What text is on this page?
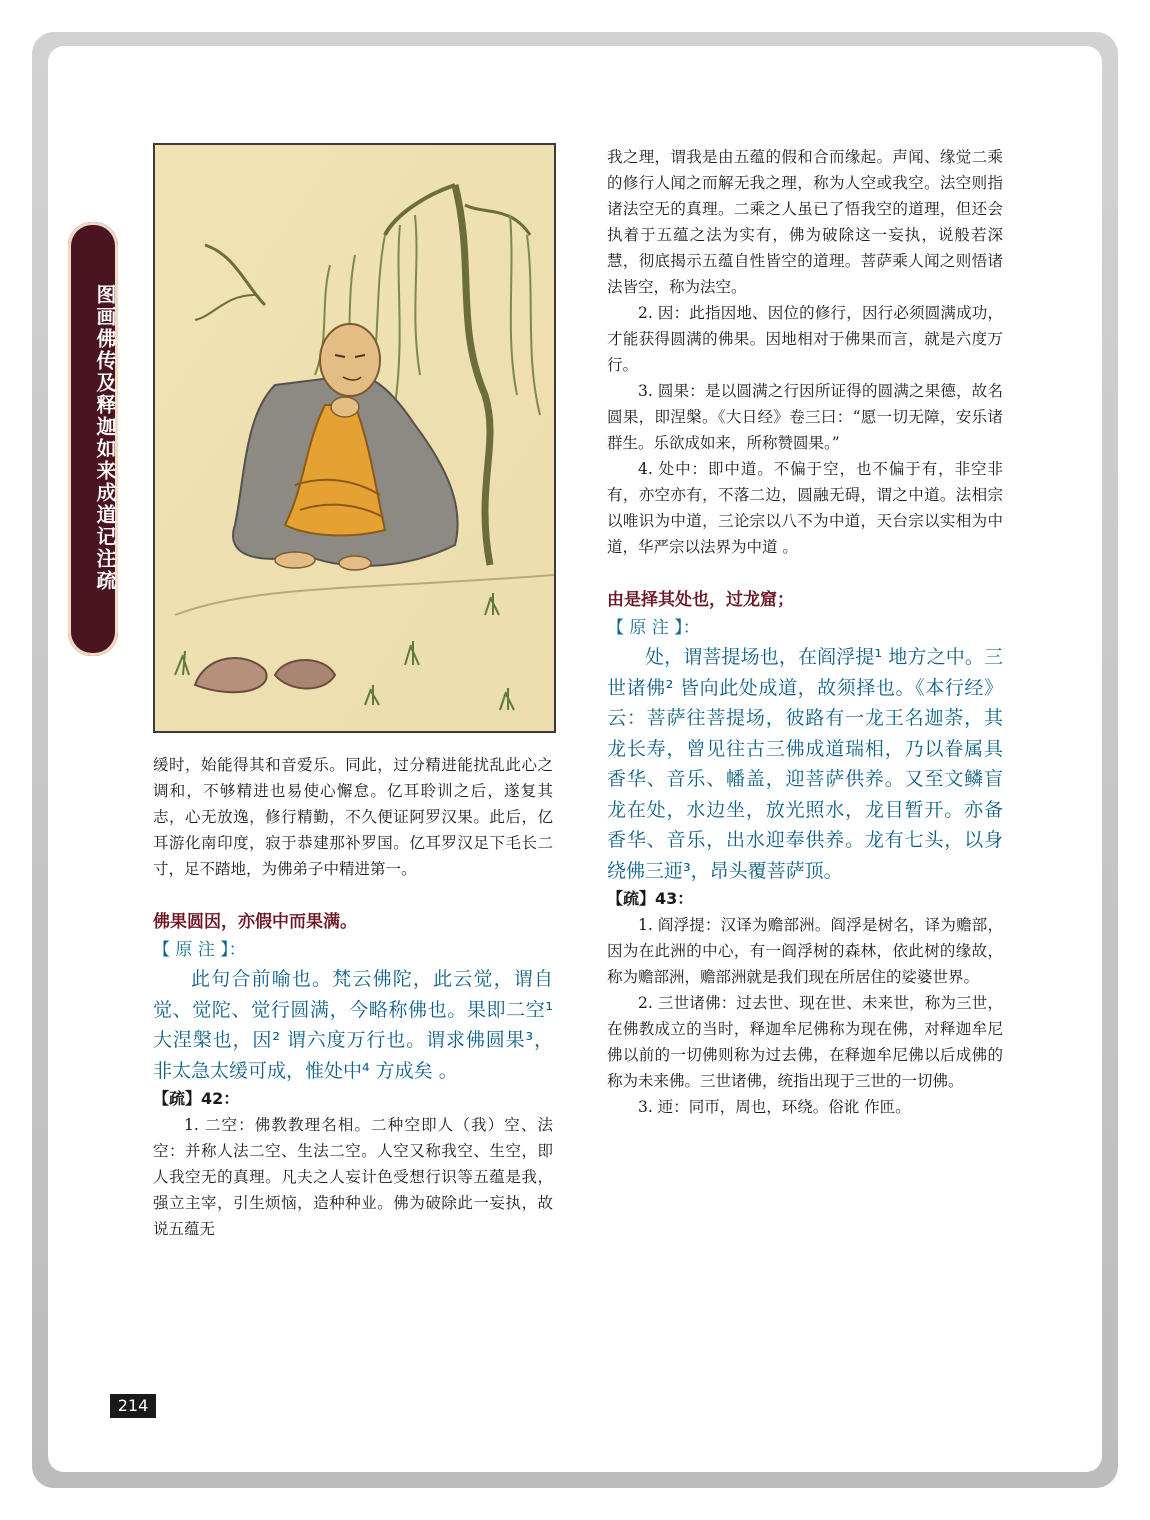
图画佛传及释迦如来成道记注疏

缓时，始能得其和音爱乐。同此，过分精进能扰乱此心之调和，不够精进也易使心懈怠。亿耳聆训之后，遂复其志，心无放逸，修行精勤，不久便证阿罗汉果。此后，亿耳游化南印度，寂于恭建那补罗国。亿耳罗汉足下毛长二寸，足不踏地，为佛弟子中精进第一。

佛果圆因，亦假中而果满。

【 原 注 】：

此句合前喻也。梵云佛陀，此云觉，谓自觉、觉陀、觉行圆满，今略称佛也。果即二空¹ 大涅槃也，因² 谓六度万行也。谓求佛圆果³，非太急太缓可成，惟处中⁴ 方成矣 。

【疏】42：

1. 二空：佛教教理名相。二种空即人（我）空、法空：并称人法二空、生法二空。人空又称我空、生空，即人我空无的真理。凡夫之人妄计色受想行识等五蕴是我，强立主宰，引生烦恼，造种种业。佛为破除此一妄执，故说五蕴无

我之理，谓我是由五蕴的假和合而缘起。声闻、缘觉二乘的修行人闻之而解无我之理，称为人空或我空。法空则指诸法空无的真理。二乘之人虽已了悟我空的道理，但还会执着于五蕴之法为实有，佛为破除这一妄执，说般若深慧，彻底揭示五蕴自性皆空的道理。菩萨乘人闻之则悟诸法皆空，称为法空。

2. 因：此指因地、因位的修行，因行必须圆满成功，才能获得圆满的佛果。因地相对于佛果而言，就是六度万行。

3. 圆果：是以圆满之行因所证得的圆满之果德，故名圆果，即涅槃。《大日经》卷三曰：“愿一切无障，安乐诸群生。乐欲成如来，所称赞圆果。”

4. 处中：即中道。不偏于空，也不偏于有，非空非有，亦空亦有，不落二边，圆融无碍，谓之中道。法相宗以唯识为中道，三论宗以八不为中道，天台宗以实相为中道，华严宗以法界为中道 。

由是择其处也，过龙窟；

【 原 注 】：

处，谓菩提场也，在阎浮提¹ 地方之中。三世诸佛² 皆向此处成道，故须择也。《本行经》云：菩萨往菩提场，彼路有一龙王名迦荼，其龙长寿，曾见往古三佛成道瑞相，乃以眷属具香华、音乐、幡盖，迎菩萨供养。又至文鳞盲龙在处，水边坐，放光照水，龙目暂开。亦备香华、音乐，出水迎奉供养。龙有七头，以身绕佛三迊³，昂头覆菩萨顶。

【疏】43：

1. 阎浮提：汉译为赡部洲。阎浮是树名，译为赡部，因为在此洲的中心，有一阎浮树的森林，依此树的缘故，称为赡部洲，赡部洲就是我们现在所居住的娑婆世界。

2. 三世诸佛：过去世、现在世、未来世，称为三世，在佛教成立的当时，释迦牟尼佛称为现在佛，对释迦牟尼佛以前的一切佛则称为过去佛，在释迦牟尼佛以后成佛的称为未来佛。三世诸佛，统指出现于三世的一切佛。

3. 迊：同帀，周也，环绕。俗讹 作匝。

214
